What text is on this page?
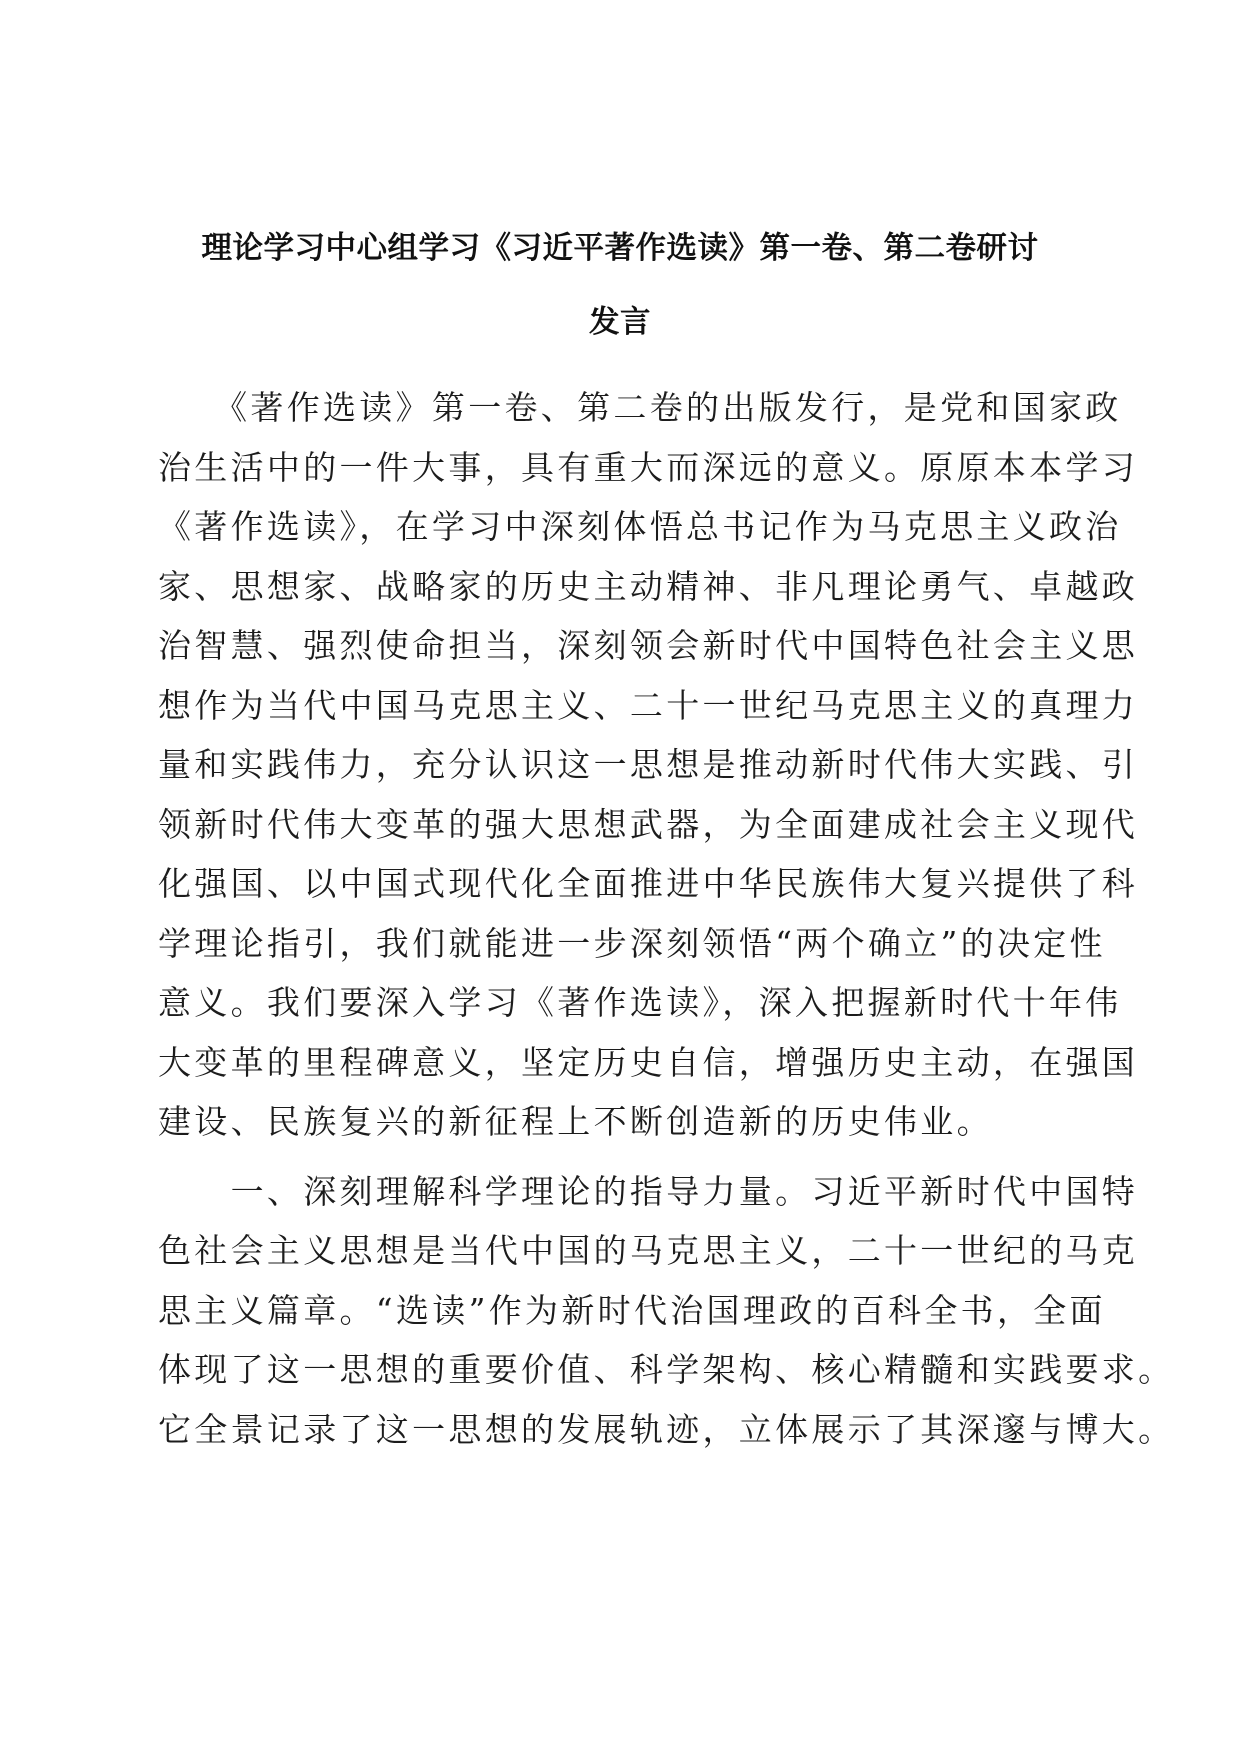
理论学习中心组学习《习近平著作选读》第一卷、第二卷研讨
发言
　　《著作选读》第一卷、第二卷的出版发行，是党和国家政
治生活中的一件大事，具有重大而深远的意义。原原本本学习
《著作选读》，在学习中深刻体悟总书记作为马克思主义政治
家、思想家、战略家的历史主动精神、非凡理论勇气、卓越政
治智慧、强烈使命担当，深刻领会新时代中国特色社会主义思
想作为当代中国马克思主义、二十一世纪马克思主义的真理力
量和实践伟力，充分认识这一思想是推动新时代伟大实践、引
领新时代伟大变革的强大思想武器，为全面建成社会主义现代
化强国、以中国式现代化全面推进中华民族伟大复兴提供了科
学理论指引，我们就能进一步深刻领悟“两个确立”的决定性
意义。我们要深入学习《著作选读》，深入把握新时代十年伟
大变革的里程碑意义，坚定历史自信，增强历史主动，在强国
建设、民族复兴的新征程上不断创造新的历史伟业。
　　一、深刻理解科学理论的指导力量。习近平新时代中国特
色社会主义思想是当代中国的马克思主义，二十一世纪的马克
思主义篇章。“选读”作为新时代治国理政的百科全书，全面
体现了这一思想的重要价值、科学架构、核心精髓和实践要求。
它全景记录了这一思想的发展轨迹，立体展示了其深邃与博大。
